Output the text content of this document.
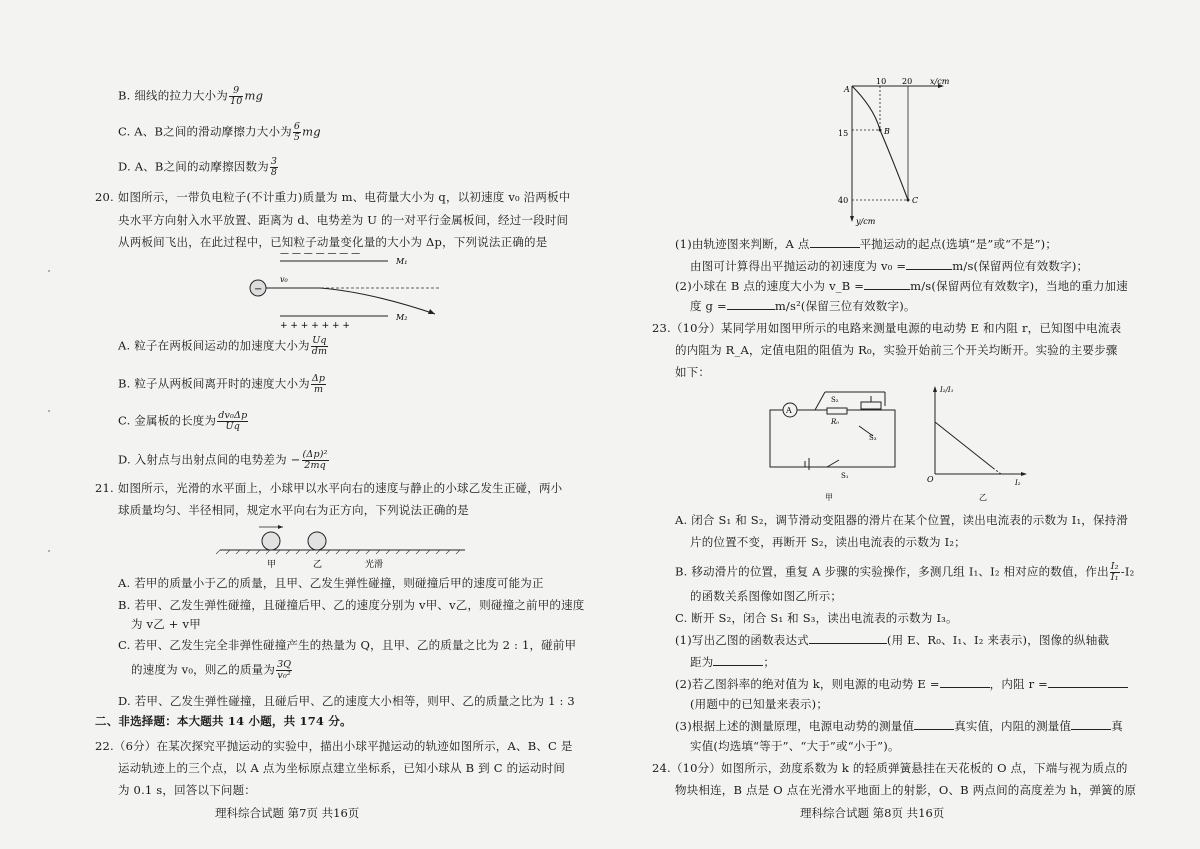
B. 细线的拉力大小为 $\frac{9}{10}$ mg
C. A、B之间的滑动摩擦力大小为 $\frac{6}{5}$ mg
D. A、B之间的动摩擦因数为 $\frac{3}{8}$
20. 如图所示，一带负电粒子(不计重力)质量为 m、电荷量大小为 q，以初速度 v₀ 沿两板中
央水平方向射入水平放置、距离为 d、电势差为 U 的一对平行金属板间，经过一段时间
从两板间飞出，在此过程中，已知粒子动量变化量的大小为 Δp，下列说法正确的是
— — — — — — —
M₁
−
v₀
M₂
+ + + + + + +
A. 粒子在两板间运动的加速度大小为 $\frac{Uq}{dm}$
B. 粒子从两板间离开时的速度大小为 $\frac{\Delta p}{m}$
C. 金属板的长度为 $\frac{\text{dv₀Δp}}{Uq}$
D. 入射点与出射点间的电势差为 − $\frac{\text{(Δp)²}}{2mq}$
21. 如图所示，光滑的水平面上，小球甲以水平向右的速度与静止的小球乙发生正碰，两小
球质量均匀、半径相同，规定水平向右为正方向，下列说法正确的是
甲	乙	光滑
A. 若甲的质量小于乙的质量，且甲、乙发生弹性碰撞，则碰撞后甲的速度可能为正
B. 若甲、乙发生弹性碰撞，且碰撞后甲、乙的速度分别为 v甲、v乙，则碰撞之前甲的速度
为 v乙 + v甲
C. 若甲、乙发生完全非弹性碰撞产生的热量为 Q，且甲、乙的质量之比为 2 : 1，碰前甲
的速度为 v₀，则乙的质量为 $\frac{3Q}{\text{v₀²}}$
D. 若甲、乙发生弹性碰撞，且碰后甲、乙的速度大小相等，则甲、乙的质量之比为 1 : 3
二、非选择题：本大题共 14 小题，共 174 分。
22.（6分）在某次探究平抛运动的实验中，描出小球平抛运动的轨迹如图所示，A、B、C 是
运动轨迹上的三个点，以 A 点为坐标原点建立坐标系，已知小球从 B 到 C 的运动时间
为 0.1 s，回答以下问题：
理科综合试题 第7页 共16页
x/cm
y/cm
10 20
15
40
A
B
C
(1)由轨迹图来判断，A 点	平抛运动的起点(选填“是”或“不是”)；
由图可计算得出平抛运动的初速度为 v₀ =	m/s(保留两位有效数字)；
(2)小球在 B 点的速度大小为 v_B =	m/s(保留两位有效数字)，当地的重力加速
度 g =	m/s²(保留三位有效数字)。
23.（10分）某同学用如图甲所示的电路来测量电源的电动势 E 和内阻 r，已知图中电流表
的内阻为 R_A，定值电阻的阻值为 R₀，实验开始前三个开关均断开。实验的主要步骤
如下：
A
S₂
R₀
S₃
S₁
甲
I₂/I₁
I₂
O
乙
A. 闭合 S₁ 和 S₂，调节滑动变阻器的滑片在某个位置，读出电流表的示数为 I₁，保持滑
片的位置不变，再断开 S₂，读出电流表的示数为 I₂；
B. 移动滑片的位置，重复 A 步骤的实验操作，多测几组 I₁、I₂ 相对应的数值，作出 $\frac{\text{I₂}}{\text{I₁}} -I_2$
的函数关系图像如图乙所示；
C. 断开 S₂，闭合 S₁ 和 S₃，读出电流表的示数为 I₃。
(1)写出乙图的函数表达式	(用 E、R₀、I₁、I₂ 来表示)，图像的纵轴截
距为	；
(2)若乙图斜率的绝对值为 k，则电源的电动势 E =	，内阻 r =
(用题中的已知量来表示)；
(3)根据上述的测量原理，电源电动势的测量值	真实值，内阻的测量值	真
实值(均选填“等于”、“大于”或“小于”)。
24.（10分）如图所示，劲度系数为 k 的轻质弹簧悬挂在天花板的 O 点，下端与视为质点的
物块相连，B 点是 O 点在光滑水平地面上的射影，O、B 两点间的高度差为 h，弹簧的原
理科综合试题 第8页 共16页
